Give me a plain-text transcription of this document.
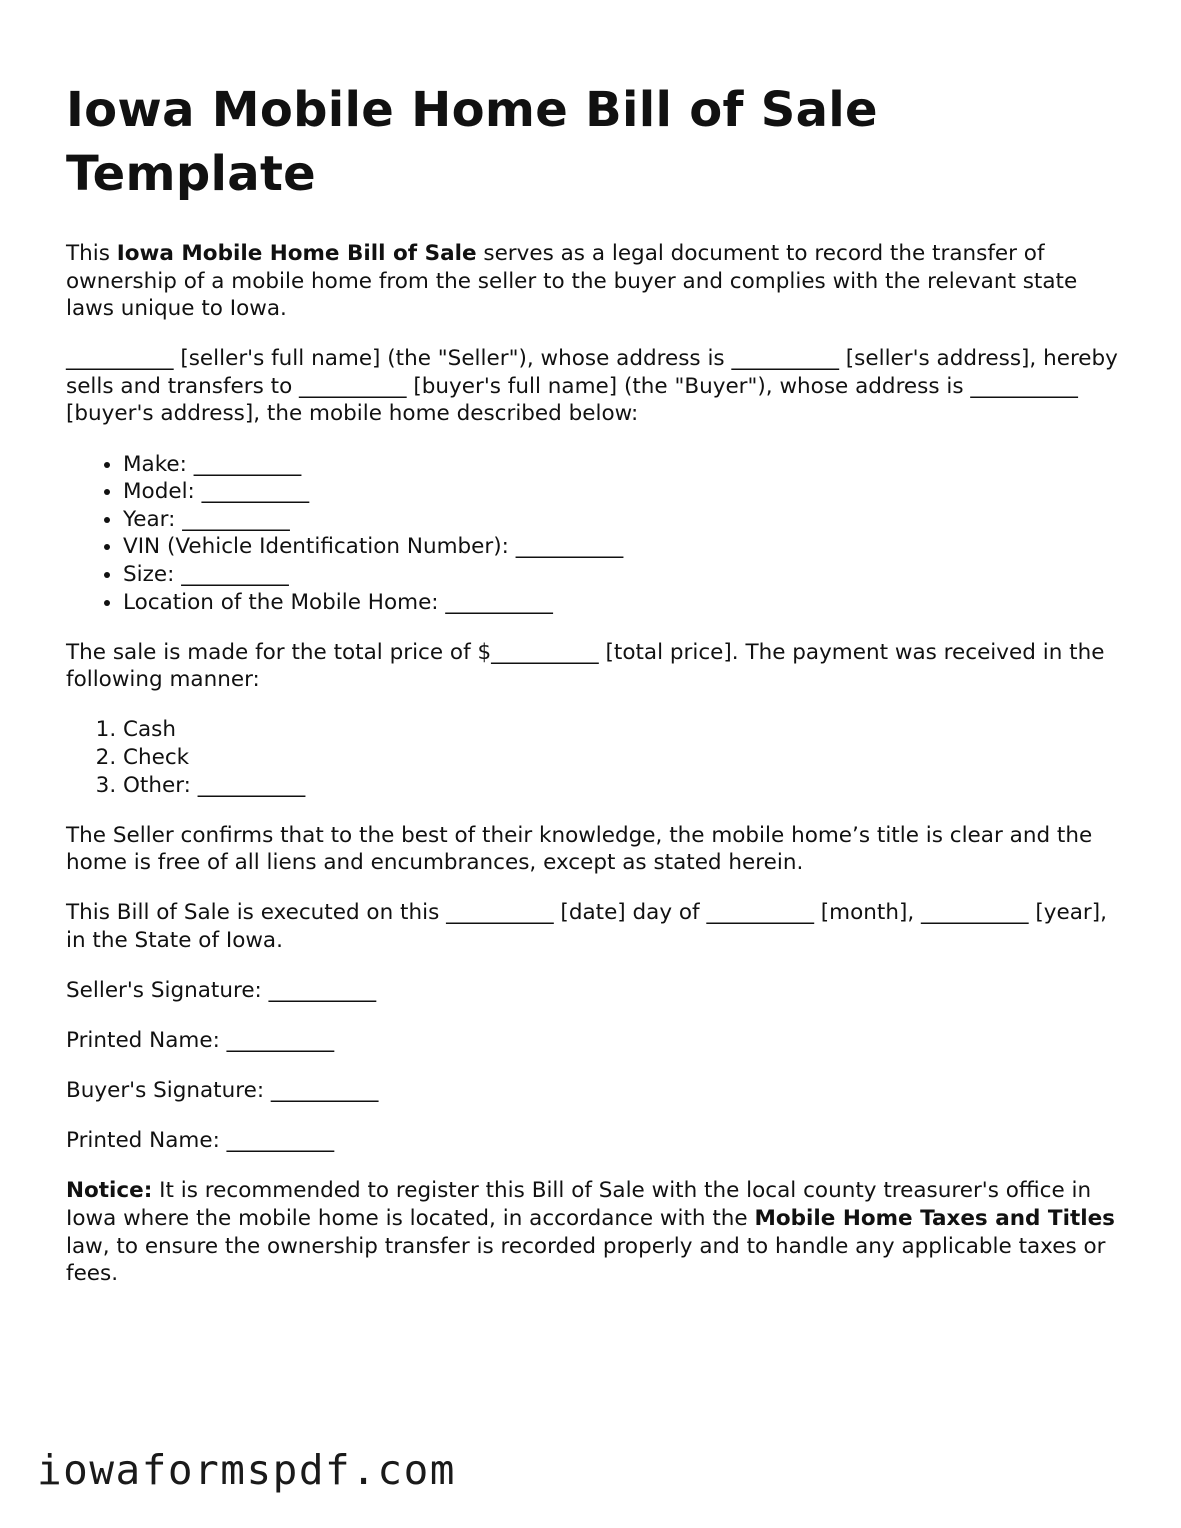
Iowa Mobile Home Bill of Sale Template

This Iowa Mobile Home Bill of Sale serves as a legal document to record the transfer of ownership of a mobile home from the seller to the buyer and complies with the relevant state laws unique to Iowa.

__________ [seller's full name] (the "Seller"), whose address is __________ [seller's address], hereby sells and transfers to __________ [buyer's full name] (the "Buyer"), whose address is __________ [buyer's address], the mobile home described below:

• Make: __________
• Model: __________
• Year: __________
• VIN (Vehicle Identification Number): __________
• Size: __________
• Location of the Mobile Home: __________

The sale is made for the total price of $__________ [total price]. The payment was received in the following manner:

1. Cash
2. Check
3. Other: __________

The Seller confirms that to the best of their knowledge, the mobile home’s title is clear and the home is free of all liens and encumbrances, except as stated herein.

This Bill of Sale is executed on this __________ [date] day of __________ [month], __________ [year], in the State of Iowa.

Seller's Signature: __________

Printed Name: __________

Buyer's Signature: __________

Printed Name: __________

Notice: It is recommended to register this Bill of Sale with the local county treasurer's office in Iowa where the mobile home is located, in accordance with the Mobile Home Taxes and Titles law, to ensure the ownership transfer is recorded properly and to handle any applicable taxes or fees.

iowaformspdf.com
